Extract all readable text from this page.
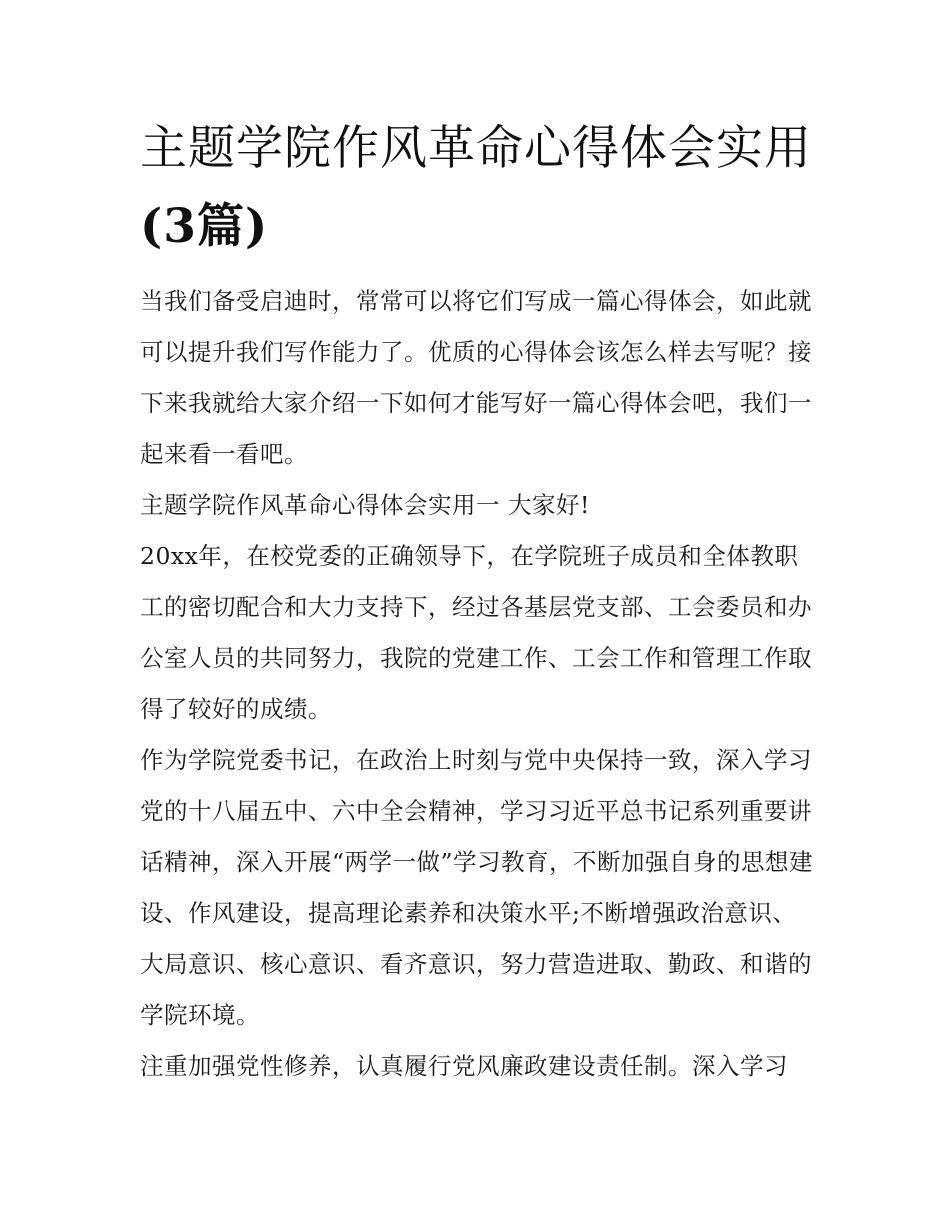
主题学院作风革命心得体会实用(3篇)

当我们备受启迪时，常常可以将它们写成一篇心得体会，如此就可以提升我们写作能力了。优质的心得体会该怎么样去写呢？接下来我就给大家介绍一下如何才能写好一篇心得体会吧，我们一起来看一看吧。

主题学院作风革命心得体会实用一 大家好!

20xx年，在校党委的正确领导下，在学院班子成员和全体教职工的密切配合和大力支持下，经过各基层党支部、工会委员和办公室人员的共同努力，我院的党建工作、工会工作和管理工作取得了较好的成绩。

作为学院党委书记，在政治上时刻与党中央保持一致，深入学习党的十八届五中、六中全会精神，学习习近平总书记系列重要讲话精神，深入开展“两学一做”学习教育，不断加强自身的思想建设、作风建设，提高理论素养和决策水平;不断增强政治意识、大局意识、核心意识、看齐意识，努力营造进取、勤政、和谐的学院环境。

注重加强党性修养，认真履行党风廉政建设责任制。深入学习
